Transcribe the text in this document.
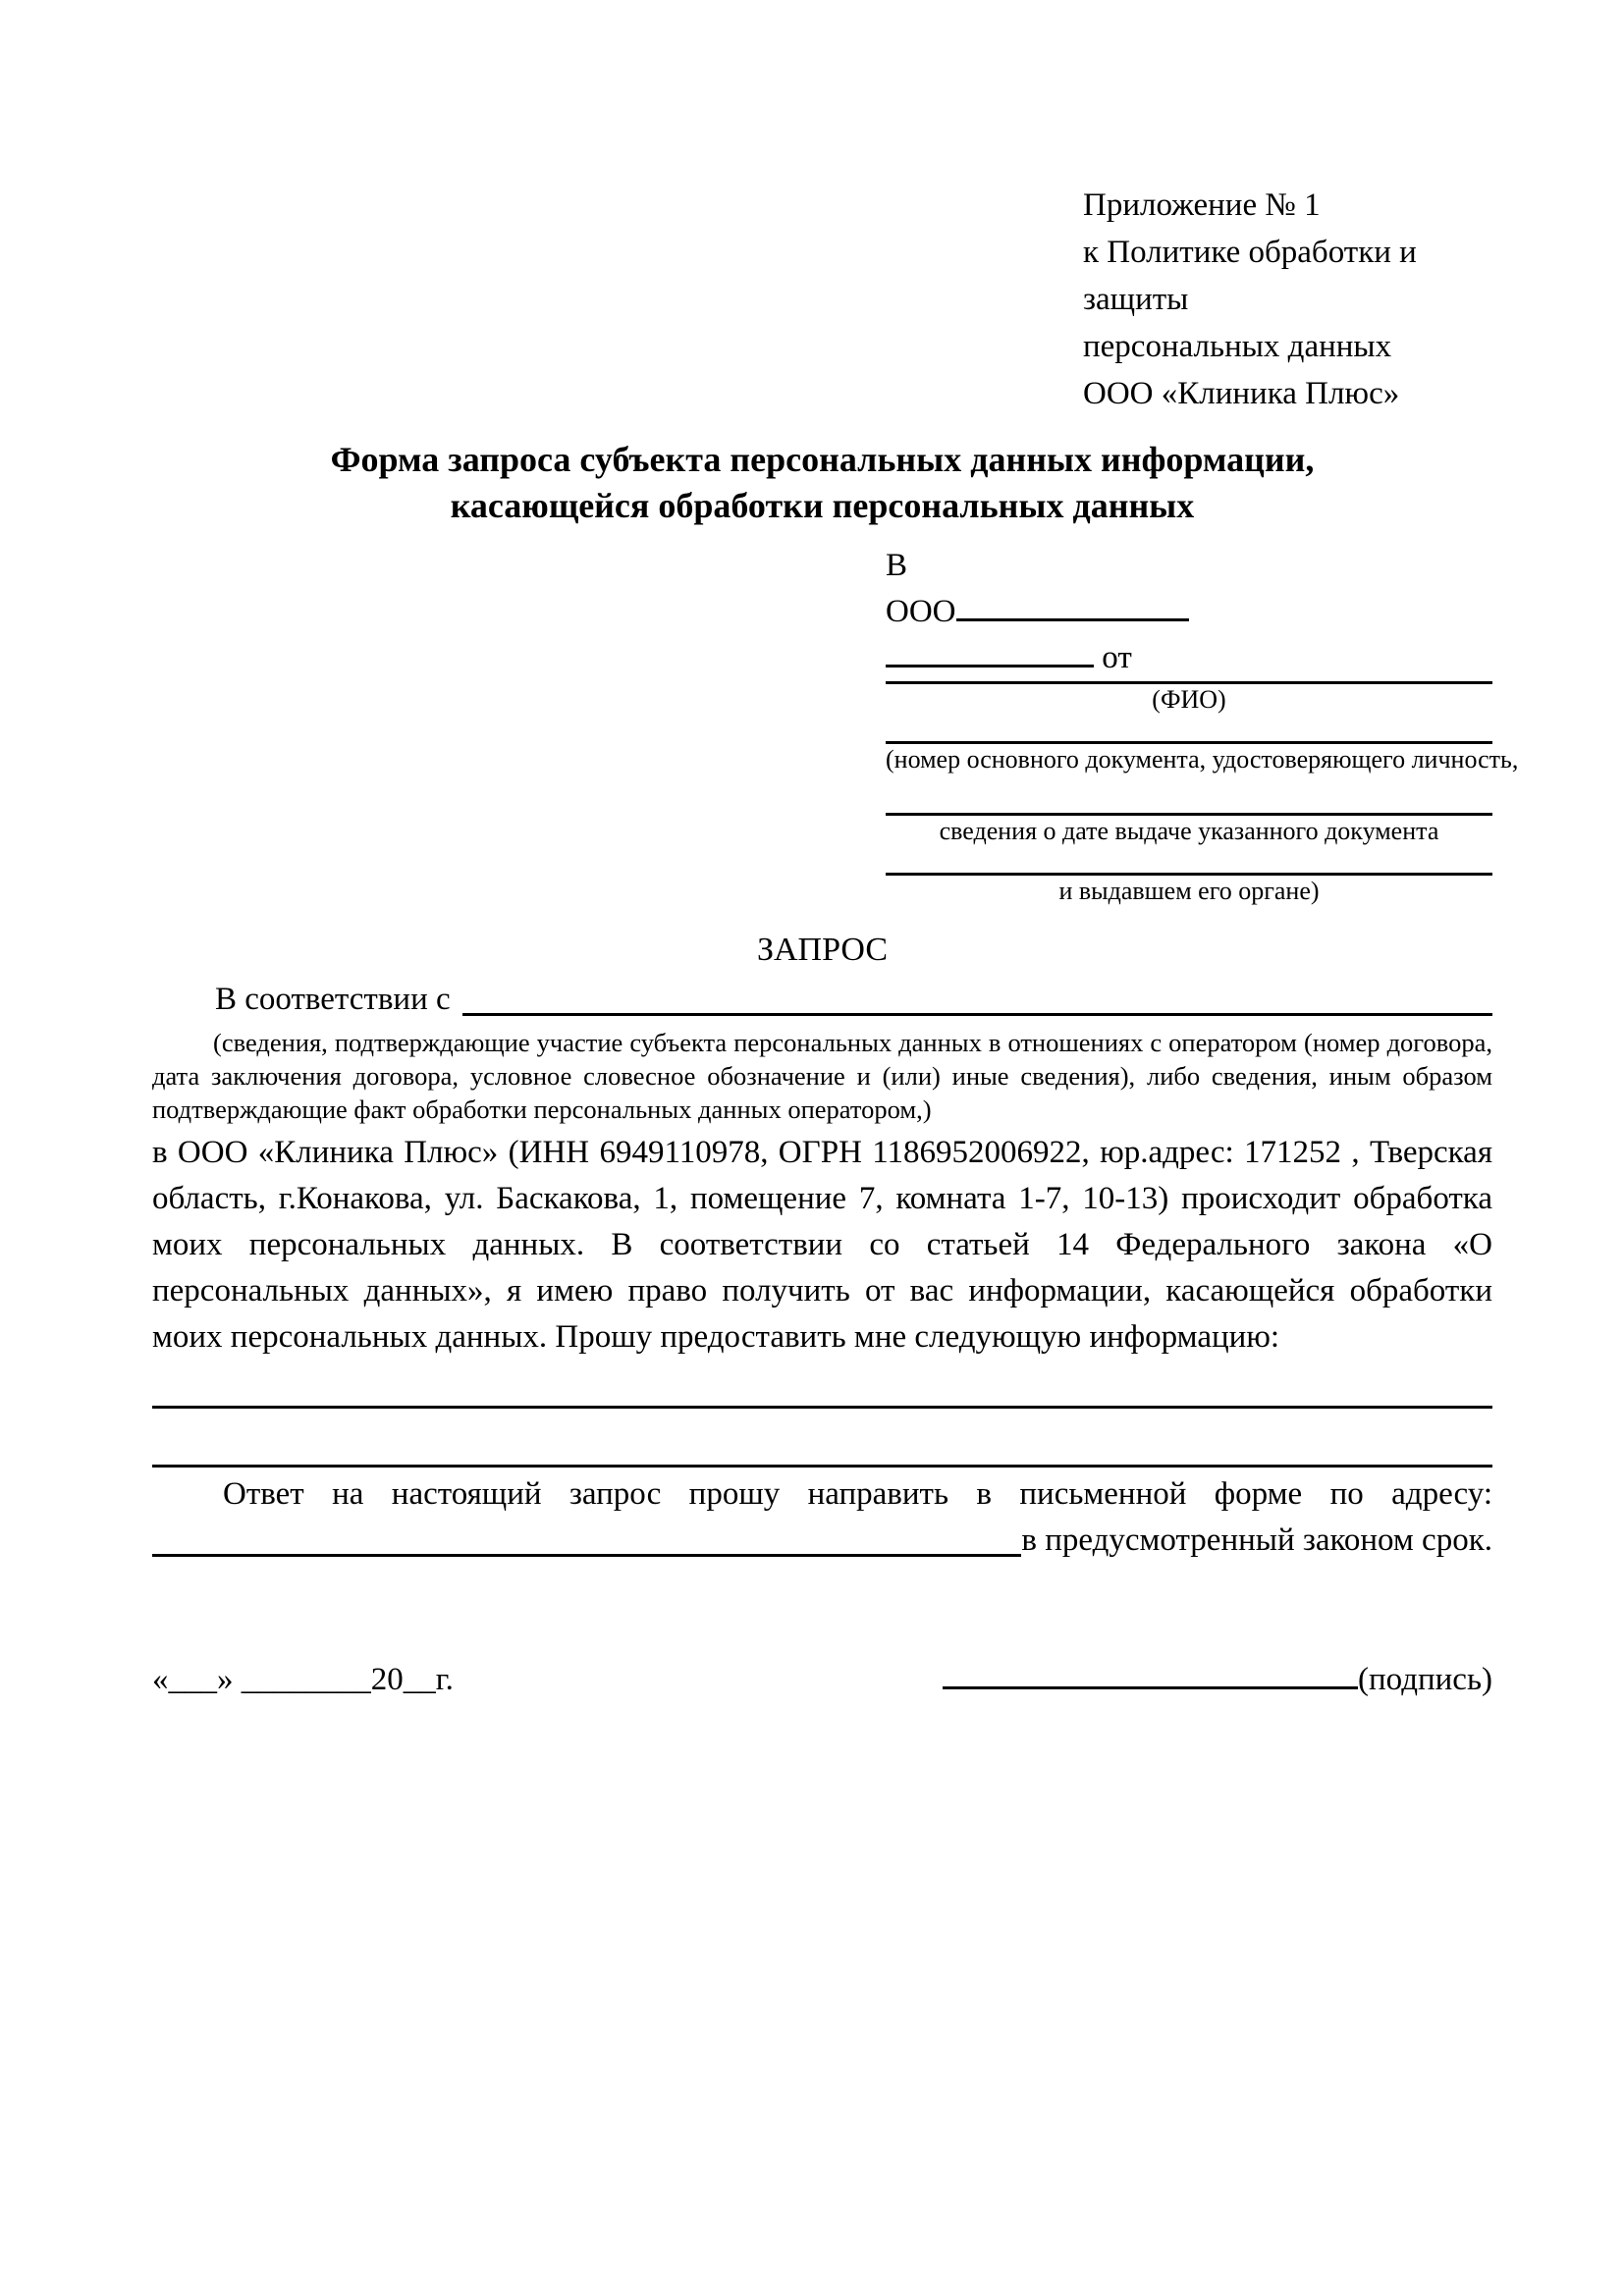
Приложение № 1
к Политике обработки и защиты
персональных данных
ООО «Клиника Плюс»
Форма запроса субъекта персональных данных информации,
касающейся обработки персональных данных
В
ООО
от
(ФИО)
(номер основного документа, удостоверяющего личность,
сведения о дате выдаче указанного документа
и выдавшем его органе)
ЗАПРОС
В соответствии с

(сведения, подтверждающие участие субъекта персональных данных в отношениях с оператором (номер договора, дата заключения договора, условное словесное обозначение и (или) иные сведения), либо сведения, иным образом подтверждающие факт обработки персональных данных оператором,)

в ООО «Клиника Плюс» (ИНН 6949110978, ОГРН 1186952006922, юр.адрес: 171252 , Тверская область, г.Конакова, ул. Баскакова, 1, помещение 7, комната 1-7, 10-13) происходит обработка моих персональных данных. В соответствии со статьей 14 Федерального закона «О персональных данных», я имею право получить от вас информации, касающейся обработки моих персональных данных. Прошу предоставить мне следующую информацию:

Ответ на настоящий запрос прошу направить в письменной форме по адресу:

в предусмотренный законом срок.
«___» ________20__г.	(подпись)
